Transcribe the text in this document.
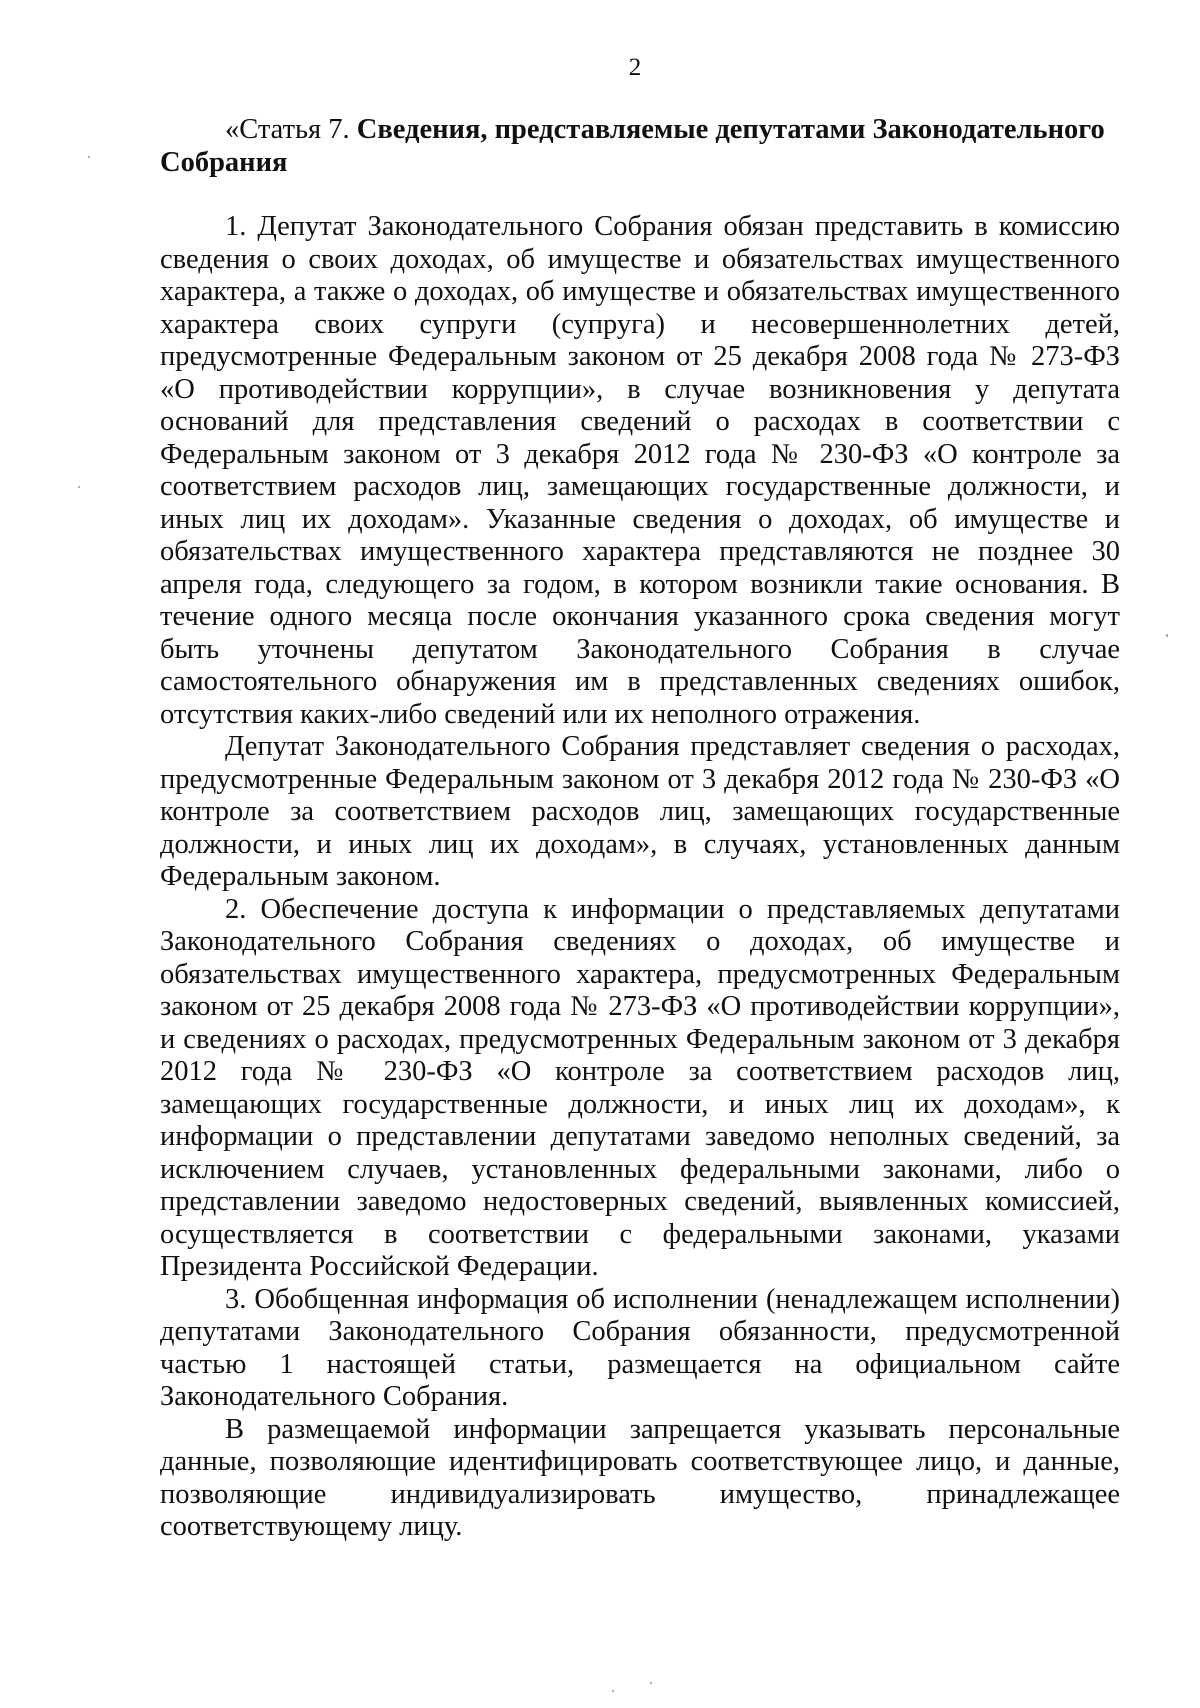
2

«Статья 7. Сведения, представляемые депутатами Законодательного Собрания

1. Депутат Законодательного Собрания обязан представить в комиссию сведения о своих доходах, об имуществе и обязательствах имущественного характера, а также о доходах, об имуществе и обязательствах имущественного характера своих супруги (супруга) и несовершеннолетних детей, предусмотренные Федеральным законом от 25 декабря 2008 года № 273-ФЗ «О противодействии коррупции», в случае возникновения у депутата оснований для представления сведений о расходах в соответствии с Федеральным законом от 3 декабря 2012 года № 230-ФЗ «О контроле за соответствием расходов лиц, замещающих государственные должности, и иных лиц их доходам». Указанные сведения о доходах, об имуществе и обязательствах имущественного характера представляются не позднее 30 апреля года, следующего за годом, в котором возникли такие основания. В течение одного месяца после окончания указанного срока сведения могут быть уточнены депутатом Законодательного Собрания в случае самостоятельного обнаружения им в представленных сведениях ошибок, отсутствия каких-либо сведений или их неполного отражения.

Депутат Законодательного Собрания представляет сведения о расходах, предусмотренные Федеральным законом от 3 декабря 2012 года № 230-ФЗ «О контроле за соответствием расходов лиц, замещающих государственные должности, и иных лиц их доходам», в случаях, установленных данным Федеральным законом.

2. Обеспечение доступа к информации о представляемых депутатами Законодательного Собрания сведениях о доходах, об имуществе и обязательствах имущественного характера, предусмотренных Федеральным законом от 25 декабря 2008 года № 273-ФЗ «О противодействии коррупции», и сведениях о расходах, предусмотренных Федеральным законом от 3 декабря 2012 года № 230-ФЗ «О контроле за соответствием расходов лиц, замещающих государственные должности, и иных лиц их доходам», к информации о представлении депутатами заведомо неполных сведений, за исключением случаев, установленных федеральными законами, либо о представлении заведомо недостоверных сведений, выявленных комиссией, осуществляется в соответствии с федеральными законами, указами Президента Российской Федерации.

3. Обобщенная информация об исполнении (ненадлежащем исполнении) депутатами Законодательного Собрания обязанности, предусмотренной частью 1 настоящей статьи, размещается на официальном сайте Законодательного Собрания.

В размещаемой информации запрещается указывать персональные данные, позволяющие идентифицировать соответствующее лицо, и данные, позволяющие индивидуализировать имущество, принадлежащее соответствующему лицу.
